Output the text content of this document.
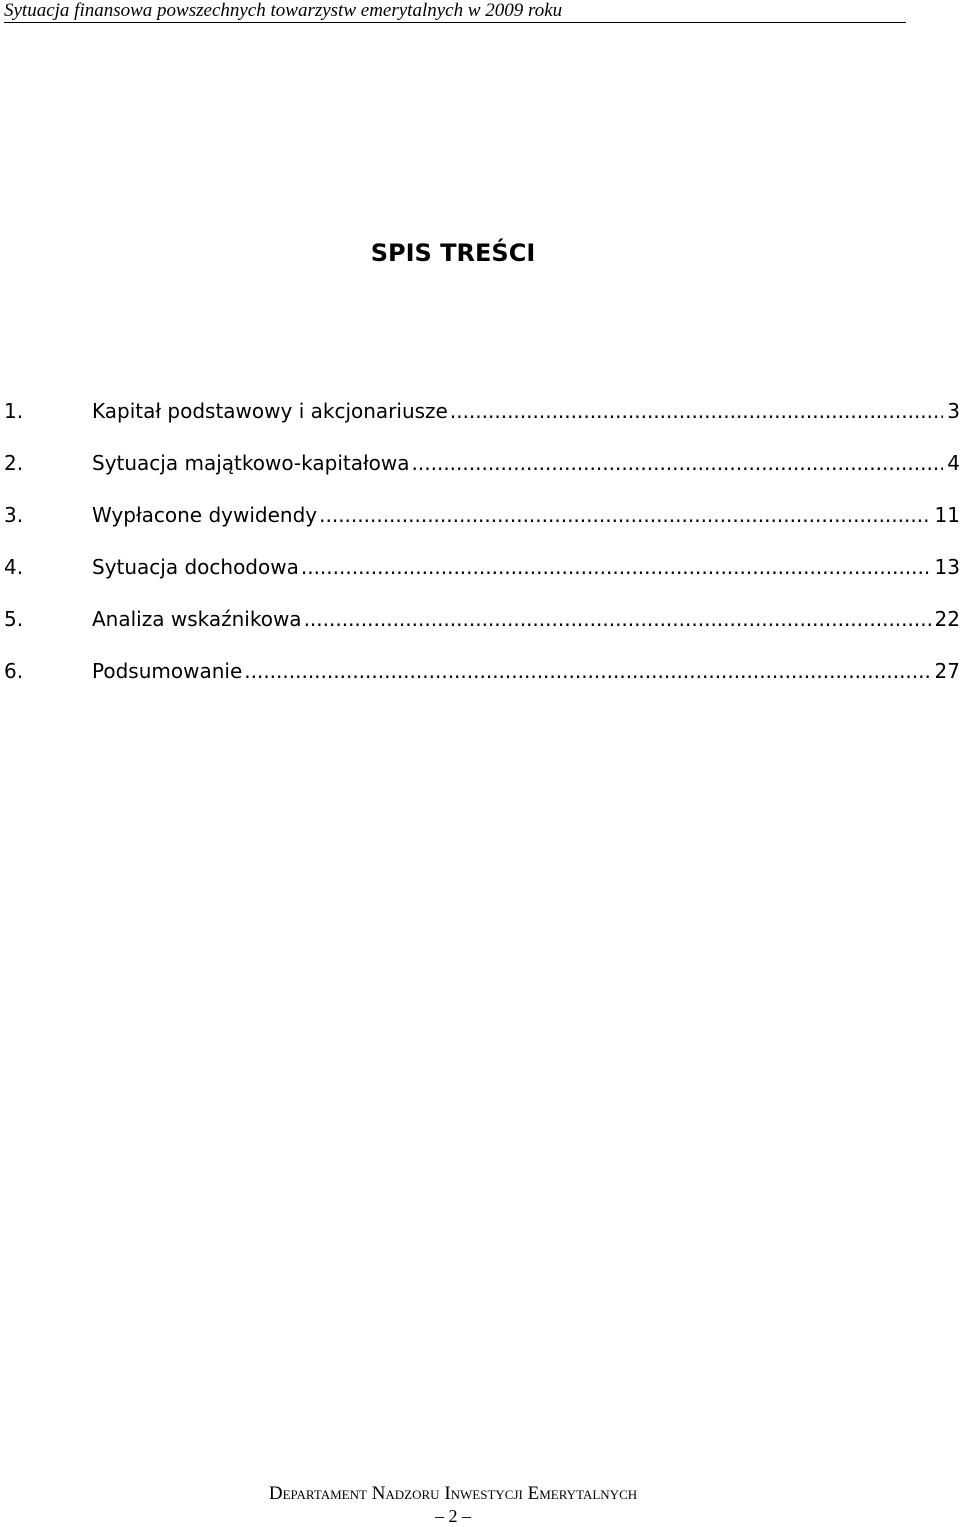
Sytuacja finansowa powszechnych towarzystw emerytalnych w 2009 roku
SPIS TREŚCI
1.	Kapitał podstawowy i akcjonariusze .....	3
2.	Sytuacja majątkowo-kapitałowa .....	4
3.	Wypłacone dywidendy .....	11
4.	Sytuacja dochodowa .....	13
5.	Analiza wskaźnikowa .....	22
6.	Podsumowanie .....	27
Departament Nadzoru Inwestycji Emerytalnych
– 2 –
